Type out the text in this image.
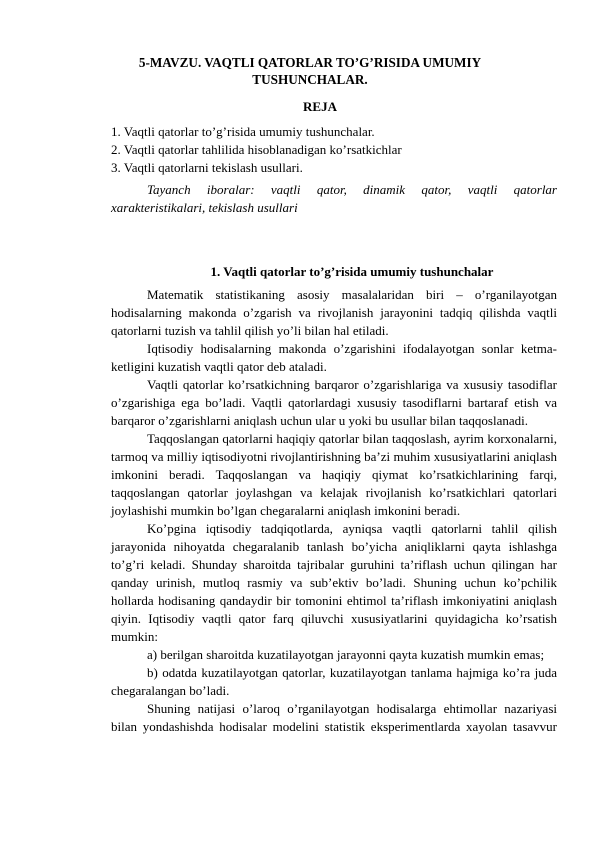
5-MAVZU. VAQTLI QATORLAR TO’G’RISIDA UMUMIY
TUSHUNCHALAR.
REJA
1. Vaqtli qatorlar to’g’risida umumiy tushunchalar.
2. Vaqtli qatorlar tahlilida hisoblanadigan ko’rsatkichlar
3. Vaqtli qatorlarni tekislash usullari.

Tayanch iboralar: vaqtli qator, dinamik qator, vaqtli qatorlar xarakteristikalari, tekislash usullari

1. Vaqtli qatorlar to’g’risida umumiy tushunchalar

Matematik statistikaning asosiy masalalaridan biri – o’rganilayotgan hodisalarning makonda o’zgarish va rivojlanish jarayonini tadqiq qilishda vaqtli qatorlarni tuzish va tahlil qilish yo’li bilan hal etiladi.

Iqtisodiy hodisalarning makonda o’zgarishini ifodalayotgan sonlar ketma-ketligini kuzatish vaqtli qator deb ataladi.

Vaqtli qatorlar ko’rsatkichning barqaror o’zgarishlariga va xususiy tasodiflar o’zgarishiga ega bo’ladi. Vaqtli qatorlardagi xususiy tasodiflarni bartaraf etish va barqaror o’zgarishlarni aniqlash uchun ular u yoki bu usullar bilan taqqoslanadi.

Taqqoslangan qatorlarni haqiqiy qatorlar bilan taqqoslash, ayrim korxonalarni, tarmoq va milliy iqtisodiyotni rivojlantirishning ba’zi muhim xususiyatlarini aniqlash imkonini beradi. Taqqoslangan va haqiqiy qiymat ko’rsatkichlarining farqi, taqqoslangan qatorlar joylashgan va kelajak rivojlanish ko’rsatkichlari qatorlari joylashishi mumkin bo’lgan chegaralarni aniqlash imkonini beradi.

Ko’pgina iqtisodiy tadqiqotlarda, ayniqsa vaqtli qatorlarni tahlil qilish jarayonida nihoyatda chegaralanib tanlash bo’yicha aniqliklarni qayta ishlashga to’g’ri keladi. Shunday sharoitda tajribalar guruhini ta’riflash uchun qilingan har qanday urinish, mutloq rasmiy va sub’ektiv bo’ladi. Shuning uchun ko’pchilik hollarda hodisaning qandaydir bir tomonini ehtimol ta’riflash imkoniyatini aniqlash qiyin. Iqtisodiy vaqtli qator farq qiluvchi xususiyatlarini quyidagicha ko’rsatish mumkin:

a) berilgan sharoitda kuzatilayotgan jarayonni qayta kuzatish mumkin emas;

b) odatda kuzatilayotgan qatorlar, kuzatilayotgan tanlama hajmiga ko’ra juda chegaralangan bo’ladi.

Shuning natijasi o’laroq o’rganilayotgan hodisalarga ehtimollar nazariyasi bilan yondashishda hodisalar modelini statistik eksperimentlarda xayolan tasavvur
